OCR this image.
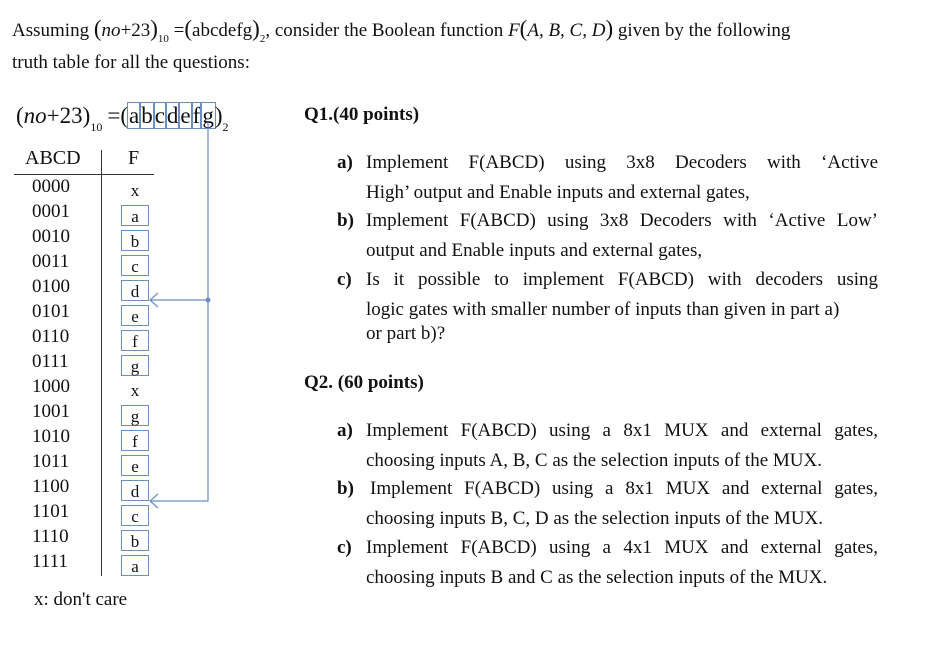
Assuming $(no+23)_{10}$ $=(abcdefg)_2$, consider the Boolean function F(A, B, C, D) given by the following
truth table for all the questions:
$(no+23)_{10}$ $=(abcdefg)_2$
ABCD F
0000	x
0001	a
0010	b
0011	c
0100	d
0101	e
0110	f
0111	g
1000	x
1001	g
1010	f
1011	e
1100	d
1101	c
1110	b
1111	a
x: don't care
Q1.(40 points)
a) Implement F(ABCD) using 3x8 Decoders with ‘Active
High’ output and Enable inputs and external gates,
b) Implement F(ABCD) using 3x8 Decoders with ‘Active Low’
output and Enable inputs and external gates,
c) Is it possible to implement F(ABCD) with decoders using
logic gates with smaller number of inputs than given in part a)
or part b)?
Q2. (60 points)
a) Implement F(ABCD) using a 8x1 MUX and external gates,
choosing inputs A, B, C as the selection inputs of the MUX.
b) Implement F(ABCD) using a 8x1 MUX and external gates,
choosing inputs B, C, D as the selection inputs of the MUX.
c) Implement F(ABCD) using a 4x1 MUX and external gates,
choosing inputs B and C as the selection inputs of the MUX.
